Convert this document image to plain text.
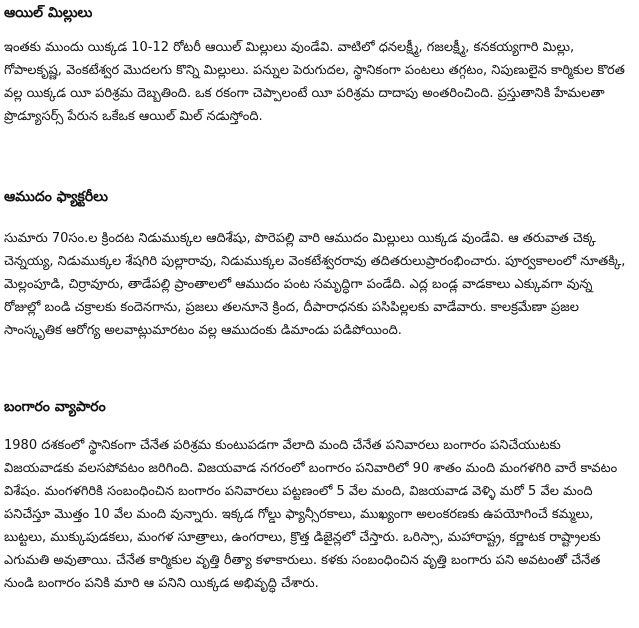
ఆయిల్ మిల్లులు

ఇంతకు ముందు యిక్కడ 10-12 రోటరీ ఆయిల్ మిల్లులు వుండేవి. వాటిలో ధనలక్ష్మీ, గజలక్ష్మీ, కనకయ్యగారి మిల్లు, గోపాలకృష్ణ, వెంకటేశ్వర మొదలగు కొన్ని మిల్లులు. పన్నుల పెరుగుదల, స్థానికంగా పంటలు తగ్గటం, నిపుణులైన కార్మికుల కొరత వల్ల యిక్కడ యీ పరిశ్రమ దెబ్బతింది. ఒక రకంగా చెప్పాలంటే యీ పరిశ్రమ దాదాపు అంతరించింది. ప్రస్తుతానికి హేమలతా ప్రొడ్యూసర్స్ పేరున ఒకేఒక ఆయిల్ మిల్ నడుస్తోంది.

ఆముదం ఫ్యాక్టరీలు

సుమారు 70సం.ల క్రిందట నిడుముక్కల ఆదిశేషు, పొరెపల్లి వారి ఆముదం మిల్లులు యిక్కడ వుండేవి. ఆ తరువాత చెక్క చెన్నయ్య, నిడుముక్కల శేషగిరి పుల్లారావు, నిడుముక్కల వెంకటేశ్వరరావు తదితరులుప్రారంభించారు. పూర్వకాలంలో నూతక్కి, మెల్లంపూడి, చిర్రావూరు, తాడేపల్లి ప్రాంతాలలో ఆముదం పంట సమృద్ధిగా పండేది. ఎద్ల బండ్ల వాడకాలు ఎక్కువగా వున్న రోజుల్లో బండి చక్రాలకు కందెనగాను, ప్రజలు తలనూనె క్రింద, దీపారాధనకు పసిపిల్లలకు వాడేవారు. కాలక్రమేణా ప్రజల సాంస్కృతిక ఆరోగ్య అలవాట్లుమారటం వల్ల ఆముదంకు డిమాండు పడిపోయింది.

బంగారం వ్యాపారం

1980 దశకంలో స్థానికంగా చేనేత పరిశ్రమ కుంటుపడగా వేలాది మంది చేనేత పనివారలు బంగారం పనిచేయుటకు విజయవాడకు వలసపోవటం జరిగింది. విజయవాడ నగరంలో బంగారం పనివారిలో 90 శాతం మంది మంగళగిరి వారే కావటం విశేషం. మంగళగిరికి సంబంధించిన బంగారం పనివారలు పట్టణంలో 5 వేల మంది, విజయవాడ వెళ్ళి మరో 5 వేల మంది పనిచేస్తూ మొత్తం 10 వేల మంది వున్నారు. ఇక్కడ గోల్డు ఫ్యాన్సీరకాలు, ముఖ్యంగా అలంకరణకు ఉపయోగించే కమ్మలు, బుట్టలు, ముక్కుపుడకలు, మంగళ సూత్రాలు, ఉంగరాలు, క్రొత్త డిజైన్లలో చేస్తారు. ఒరిస్సా, మహారాష్ట్ర, కర్ణాటక రాష్ట్రాలకు ఎగుమతి అవుతాయి. చేనేత కార్మికుల వృత్తి రీత్యా కళాకారులు. కళకు సంబంధించిన వృత్తి బంగారు పని అవటంతో చేనేత నుండి బంగారం పనికి మారి ఆ పనిని యిక్కడ అభివృద్ధి చేశారు.
